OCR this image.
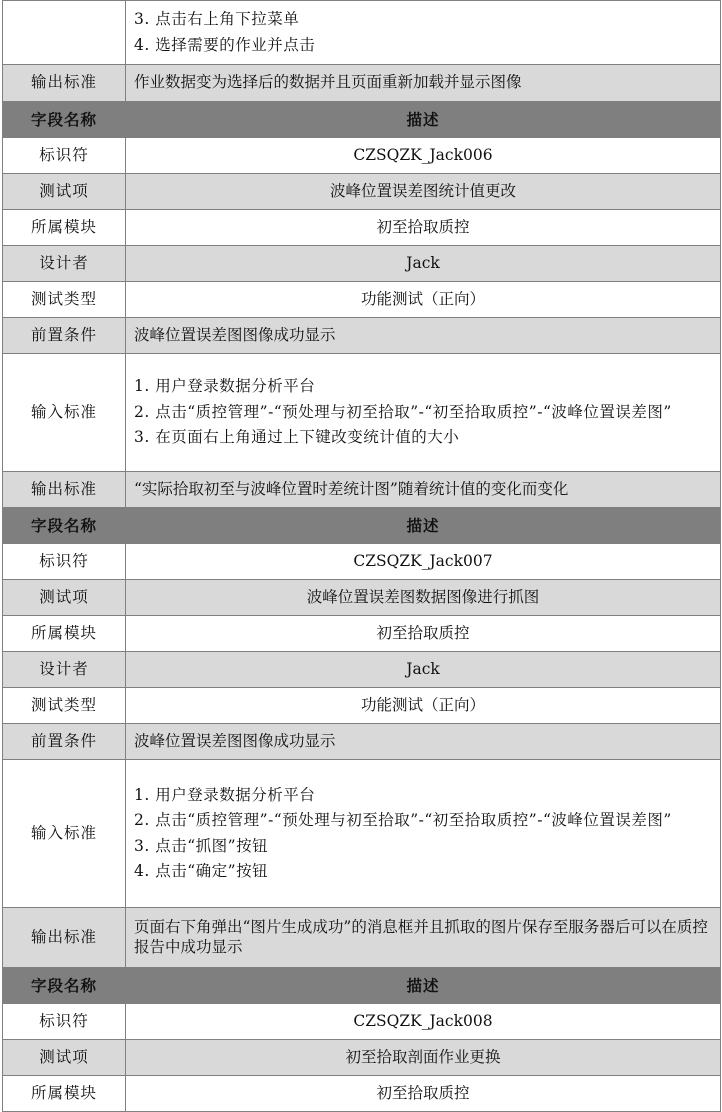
	3. 点击右上角下拉菜单
4. 选择需要的作业并点击

输出标准	作业数据变为选择后的数据并且页面重新加载并显示图像
字段名称	描述
标识符	CZSQZK_Jack006
测试项	波峰位置误差图统计值更改
所属模块	初至拾取质控
设计者	Jack
测试类型	功能测试（正向）
前置条件	波峰位置误差图图像成功显示
输入标准	1. 用户登录数据分析平台
2. 点击“质控管理”-“预处理与初至拾取”-“初至拾取质控”-“波峰位置误差图”
3. 在页面右上角通过上下键改变统计值的大小

输出标准	“实际拾取初至与波峰位置时差统计图”随着统计值的变化而变化
字段名称	描述
标识符	CZSQZK_Jack007
测试项	波峰位置误差图数据图像进行抓图
所属模块	初至拾取质控
设计者	Jack
测试类型	功能测试（正向）
前置条件	波峰位置误差图图像成功显示
输入标准	1. 用户登录数据分析平台
2. 点击“质控管理”-“预处理与初至拾取”-“初至拾取质控”-“波峰位置误差图”
3. 点击“抓图”按钮
4. 点击“确定”按钮

输出标准	页面右下角弹出“图片生成成功”的消息框并且抓取的图片保存至服务器后可以在质控报告中成功显示
字段名称	描述
标识符	CZSQZK_Jack008
测试项	初至拾取剖面作业更换
所属模块	初至拾取质控
